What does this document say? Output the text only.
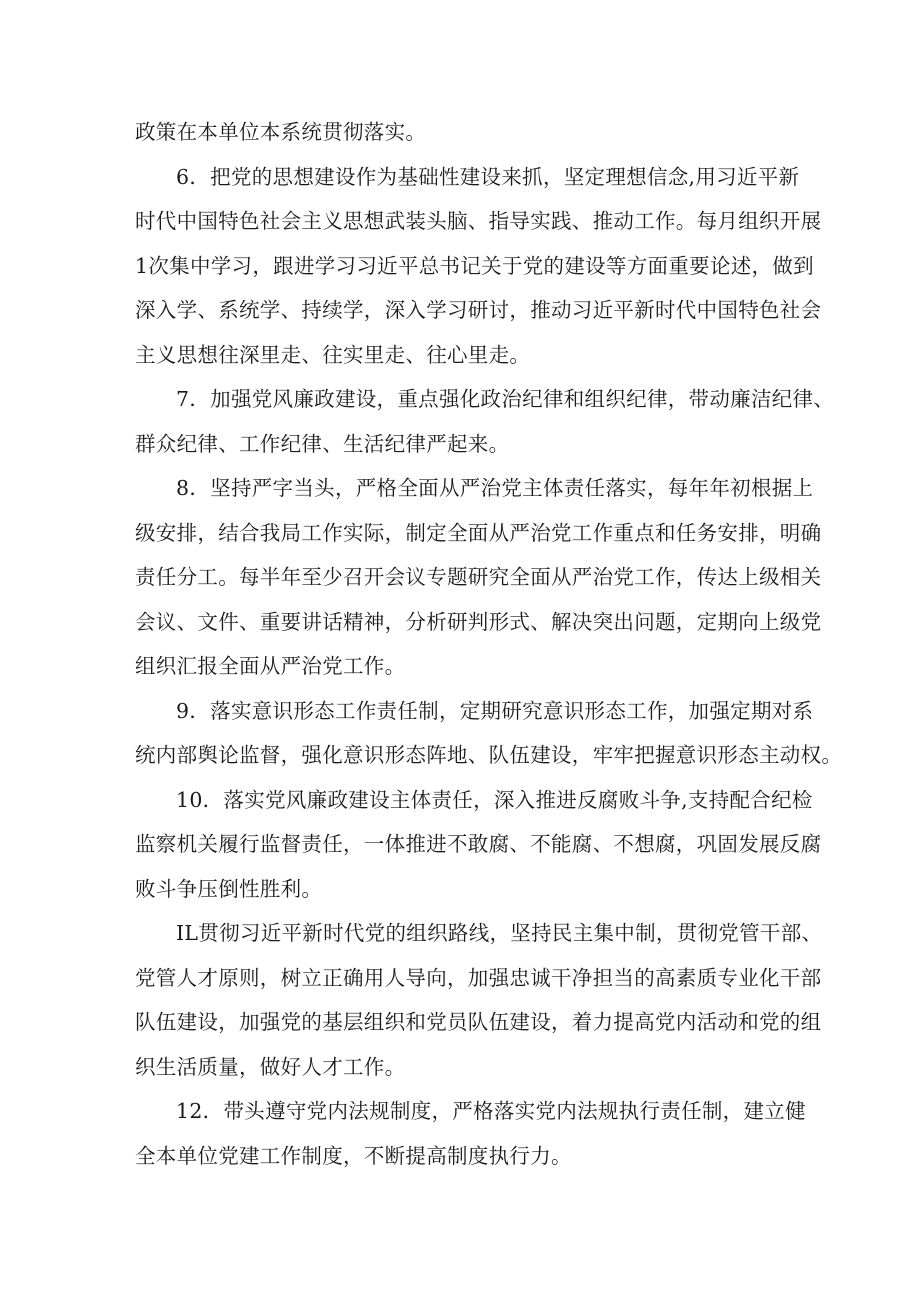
政策在本单位本系统贯彻落实。
6．把党的思想建设作为基础性建设来抓，坚定理想信念,用习近平新
时代中国特色社会主义思想武装头脑、指导实践、推动工作。每月组织开展
1次集中学习，跟进学习习近平总书记关于党的建设等方面重要论述，做到
深入学、系统学、持续学，深入学习研讨，推动习近平新时代中国特色社会
主义思想往深里走、往实里走、往心里走。
7．加强党风廉政建设，重点强化政治纪律和组织纪律，带动廉洁纪律、
群众纪律、工作纪律、生活纪律严起来。
8．坚持严字当头，严格全面从严治党主体责任落实，每年年初根据上
级安排，结合我局工作实际，制定全面从严治党工作重点和任务安排，明确
责任分工。每半年至少召开会议专题研究全面从严治党工作，传达上级相关
会议、文件、重要讲话精神，分析研判形式、解决突出问题，定期向上级党
组织汇报全面从严治党工作。
9．落实意识形态工作责任制，定期研究意识形态工作，加强定期对系
统内部舆论监督，强化意识形态阵地、队伍建设，牢牢把握意识形态主动权。
10．落实党风廉政建设主体责任，深入推进反腐败斗争,支持配合纪检
监察机关履行监督责任，一体推进不敢腐、不能腐、不想腐，巩固发展反腐
败斗争压倒性胜利。
IL贯彻习近平新时代党的组织路线，坚持民主集中制，贯彻党管干部、
党管人才原则，树立正确用人导向，加强忠诚干净担当的高素质专业化干部
队伍建设，加强党的基层组织和党员队伍建设，着力提高党内活动和党的组
织生活质量，做好人才工作。
12．带头遵守党内法规制度，严格落实党内法规执行责任制，建立健
全本单位党建工作制度，不断提高制度执行力。
